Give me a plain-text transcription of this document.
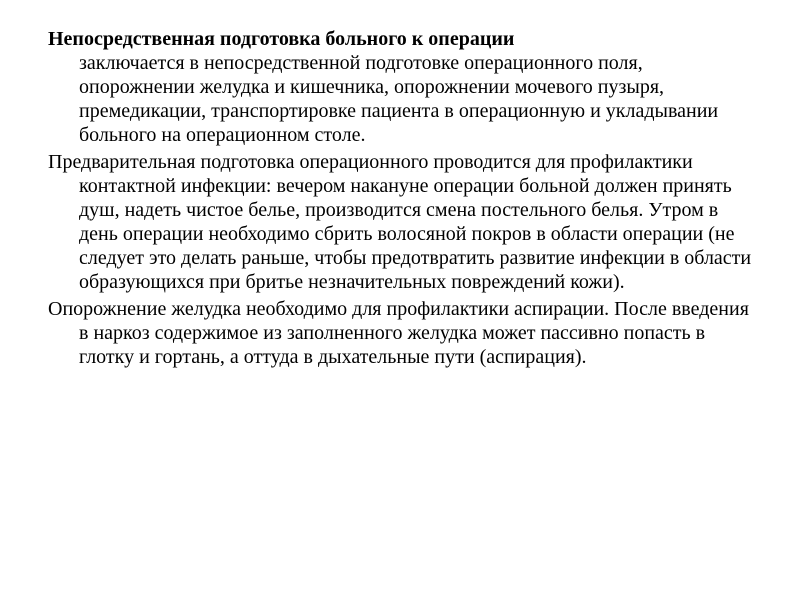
Непосредственная подготовка больного к операции
заключается в непосредственной подготовке операционного поля, опорожнении желудка и кишечника, опорожнении мочевого пузыря, премедикации, транспортировке пациента в операционную и укладывании больного на операционном столе.

Предварительная подготовка операционного проводится для профилактики контактной инфекции: вечером накануне операции больной должен принять душ, надеть чистое белье, производится смена постельного белья. Утром в день операции необходимо сбрить волосяной покров в области операции (не следует это делать раньше, чтобы предотвратить развитие инфекции в области образующихся при бритье незначительных повреждений кожи).

Опорожнение желудка необходимо для профилактики аспирации. После введения в наркоз содержимое из заполненного желудка может пассивно попасть в глотку и гортань, а оттуда в дыхательные пути (аспирация).
